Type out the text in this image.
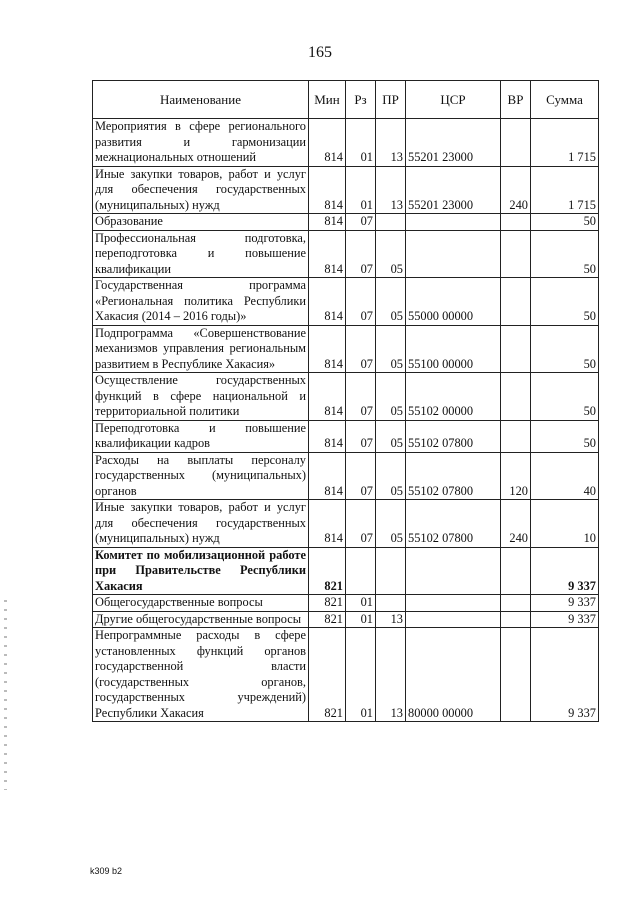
165
Наименование	Мин	Рз	ПР	ЦСР	ВР	Сумма
Мероприятия в сфере регионального развития и гармонизации межнациональных отношений	814	01	13	55201 23000		1 715
Иные закупки товаров, работ и услуг для обеспечения государственных (муниципальных) нужд	814	01	13	55201 23000	240	1 715
Образование	814	07				50
Профессиональная подготовка, переподготовка и повышение квалификации	814	07	05			50
Государственная программа «Региональная политика Республики Хакасия (2014 – 2016 годы)»	814	07	05	55000 00000		50
Подпрограмма «Совершенствование механизмов управления региональным развитием в Республике Хакасия»	814	07	05	55100 00000		50
Осуществление государственных функций в сфере национальной и территориальной политики	814	07	05	55102 00000		50
Переподготовка и повышение квалификации кадров	814	07	05	55102 07800		50
Расходы на выплаты персоналу государственных (муниципальных) органов	814	07	05	55102 07800	120	40
Иные закупки товаров, работ и услуг для обеспечения государственных (муниципальных) нужд	814	07	05	55102 07800	240	10
Комитет по мобилизационной работе при Правительстве Республики Хакасия	821					9 337
Общегосударственные вопросы	821	01				9 337
Другие общегосударственные вопросы	821	01	13			9 337
Непрограммные расходы в сфере установленных функций органов государственной власти (государственных органов, государственных учреждений) Республики Хакасия	821	01	13	80000 00000		9 337
k309 b2
